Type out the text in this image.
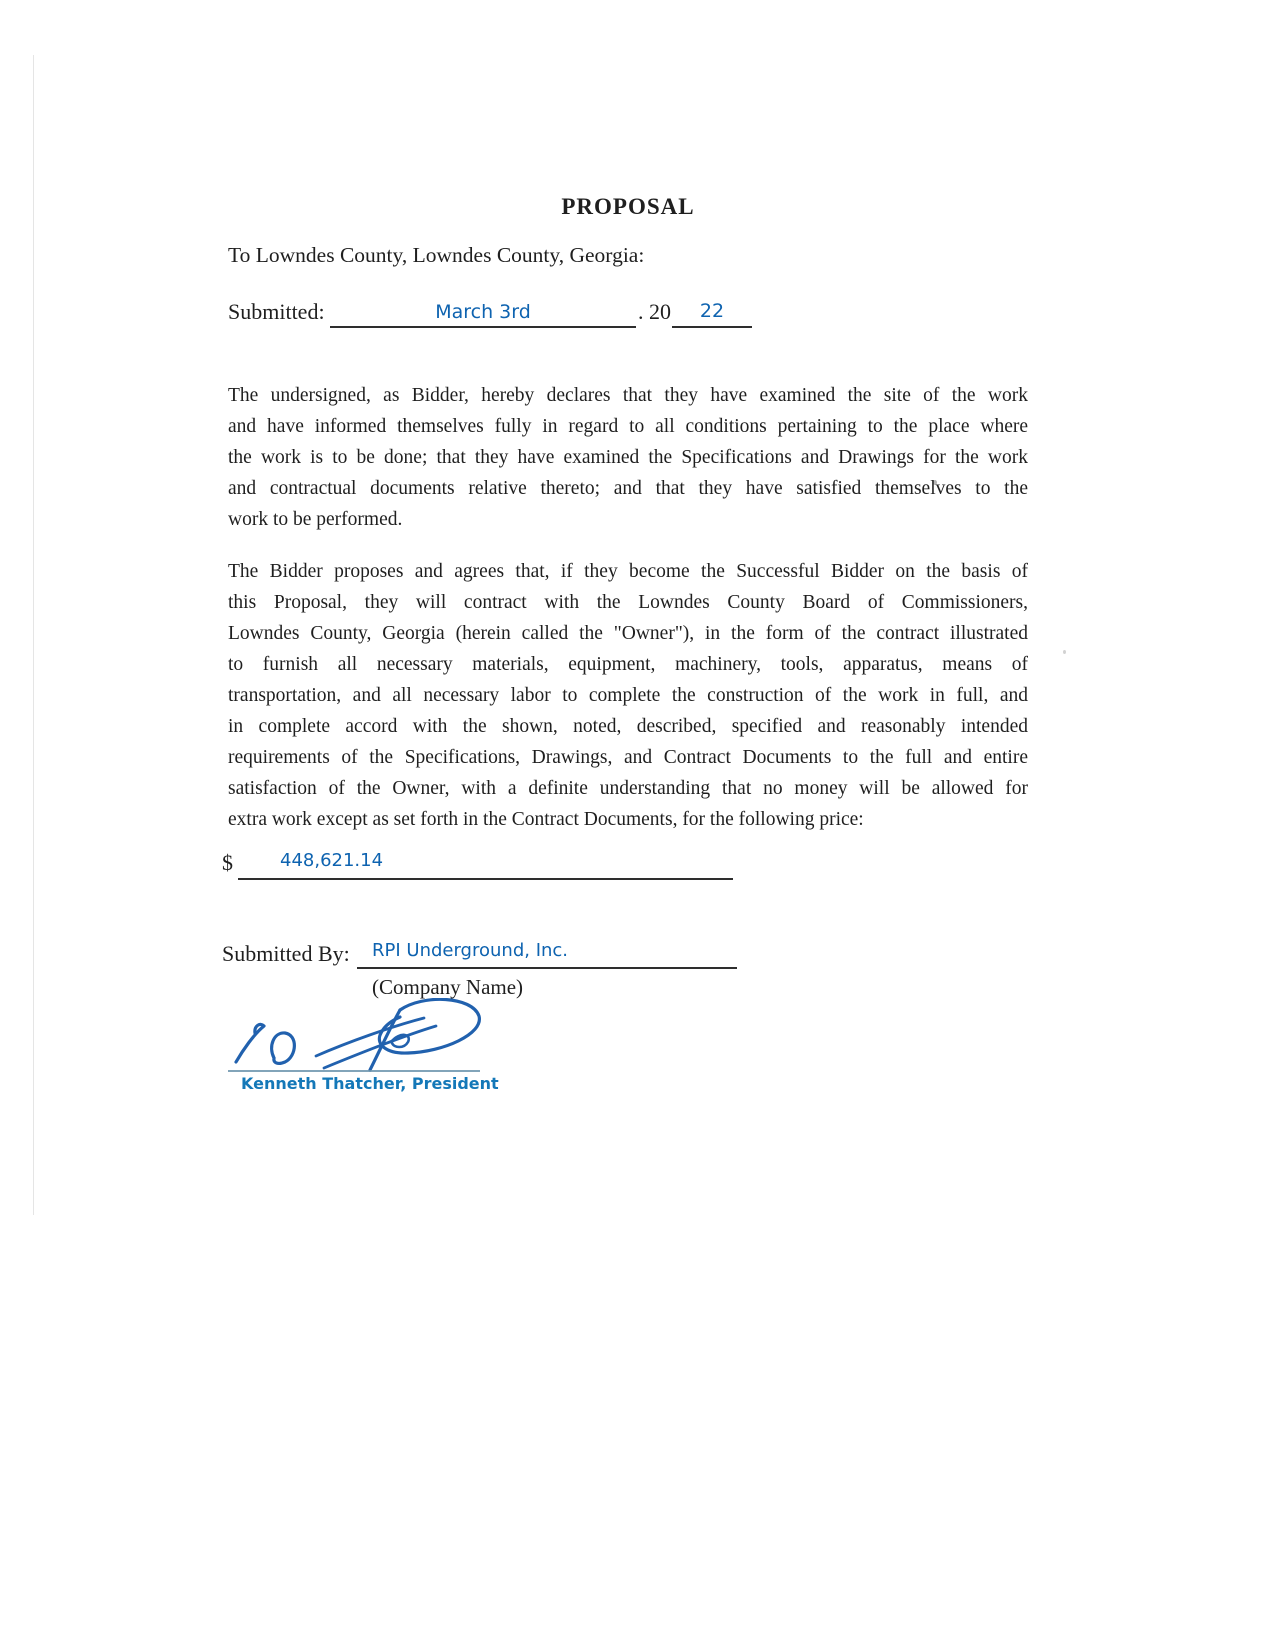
PROPOSAL
To Lowndes County, Lowndes County, Georgia:
Submitted:	March 3rd	. 20	22
The undersigned, as Bidder, hereby declares that they have examined the site of the work
and have informed themselves fully in regard to all conditions pertaining to the place where
the work is to be done; that they have examined the Specifications and Drawings for the work
and contractual documents relative thereto; and that they have satisfied themselves to the
work to be performed.
The Bidder proposes and agrees that, if they become the Successful Bidder on the basis of
this Proposal, they will contract with the Lowndes County Board of Commissioners,
Lowndes County, Georgia (herein called the "Owner"), in the form of the contract illustrated
to furnish all necessary materials, equipment, machinery, tools, apparatus, means of
transportation, and all necessary labor to complete the construction of the work in full, and
in complete accord with the shown, noted, described, specified and reasonably intended
requirements of the Specifications, Drawings, and Contract Documents to the full and entire
satisfaction of the Owner, with a definite understanding that no money will be allowed for
extra work except as set forth in the Contract Documents, for the following price:
$	448,621.14
Submitted By: RPI Underground, Inc.
(Company Name)
Kenneth Thatcher, President
